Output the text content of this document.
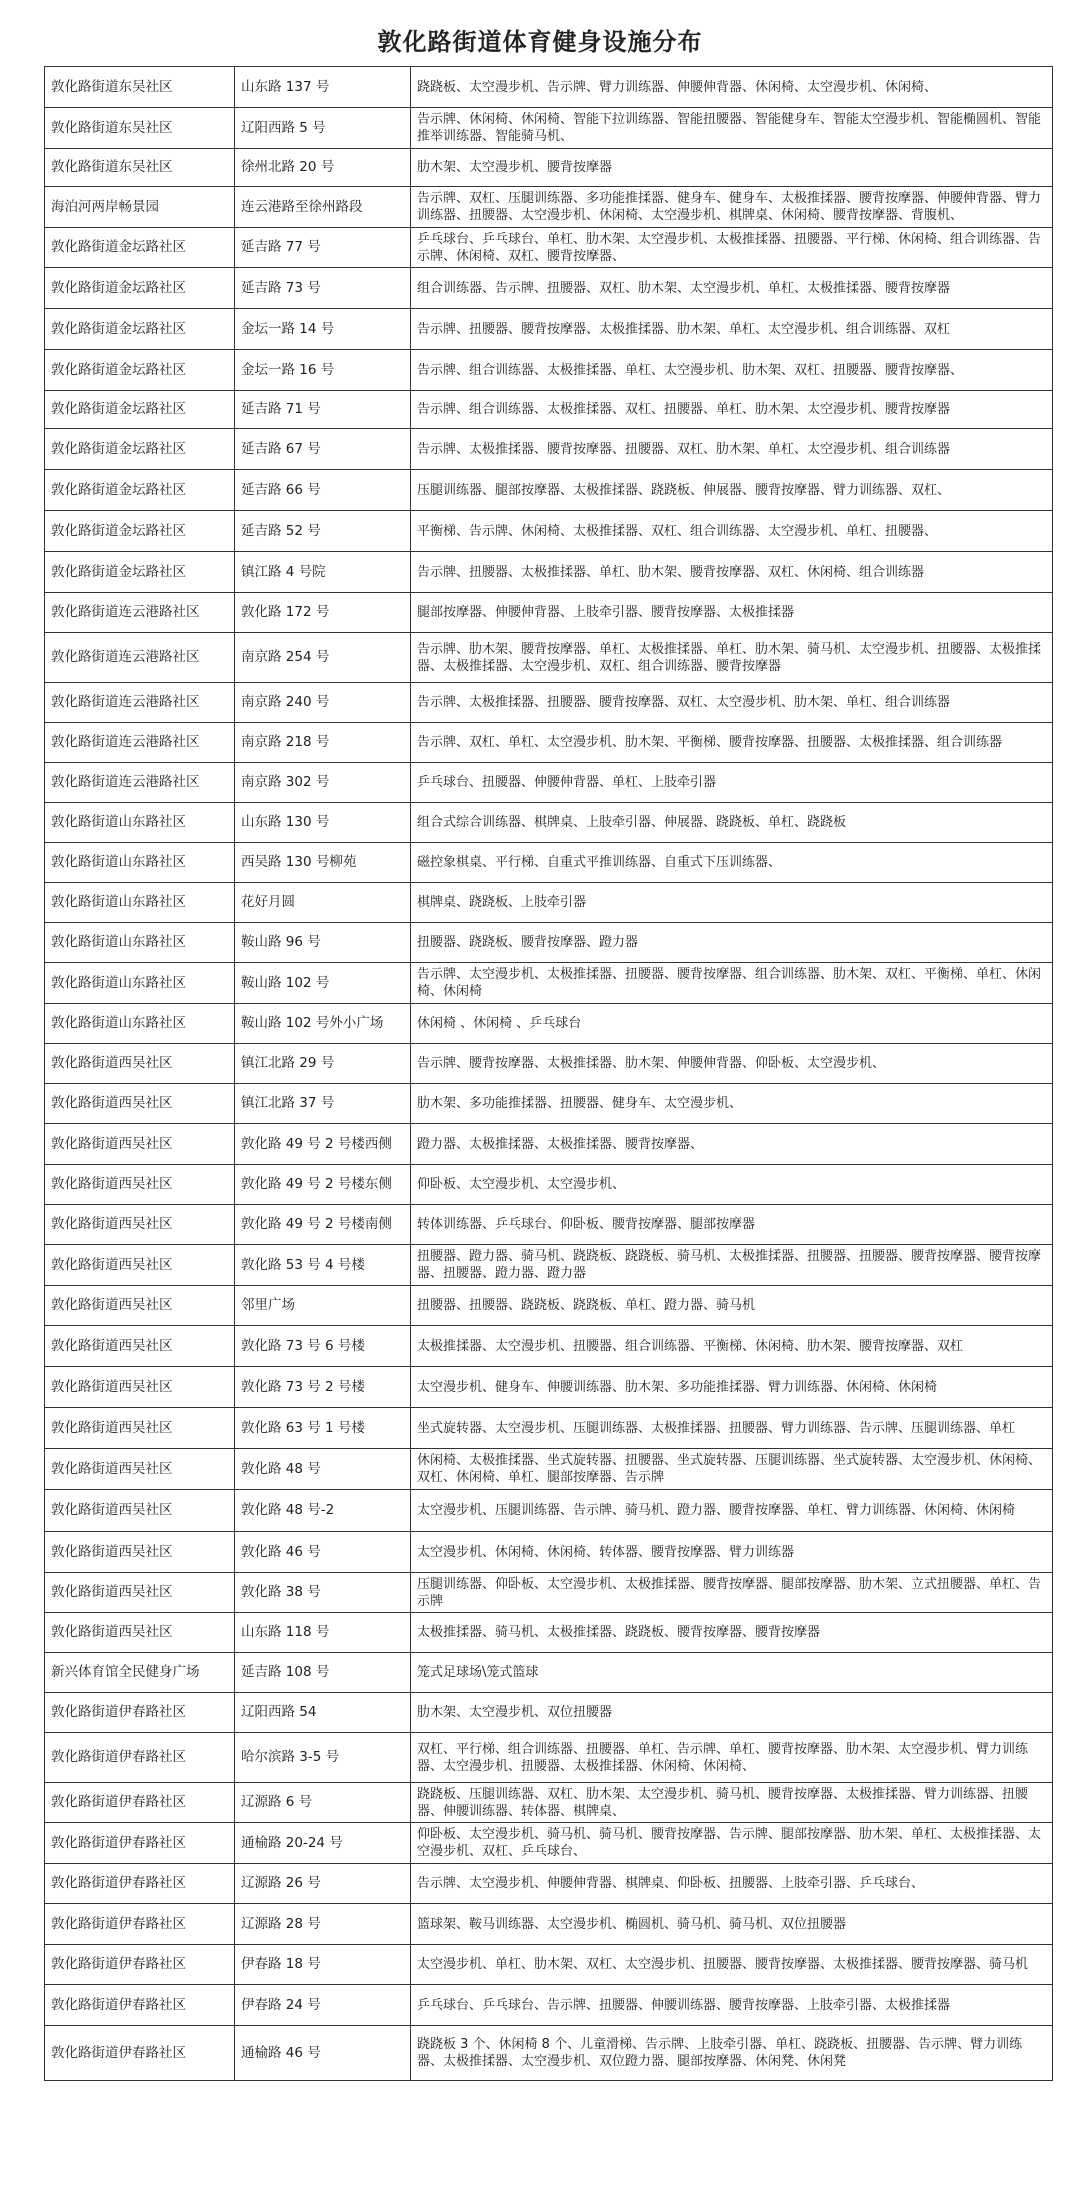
敦化路街道体育健身设施分布
敦化路街道东吴社区	山东路 137 号	跷跷板、太空漫步机、告示牌、臂力训练器、伸腰伸背器、休闲椅、太空漫步机、休闲椅、
敦化路街道东吴社区	辽阳西路 5 号	告示牌、休闲椅、休闲椅、智能下拉训练器、智能扭腰器、智能健身车、智能太空漫步机、智能椭圆机、智能推举训练器、智能骑马机、
敦化路街道东吴社区	徐州北路 20 号	肋木架、太空漫步机、腰背按摩器
海泊河两岸畅景园	连云港路至徐州路段	告示牌、双杠、压腿训练器、多功能推揉器、健身车、健身车、太极推揉器、腰背按摩器、伸腰伸背器、臂力训练器、扭腰器、太空漫步机、休闲椅、太空漫步机、棋牌桌、休闲椅、腰背按摩器、背腹机、
敦化路街道金坛路社区	延吉路 77 号	乒乓球台、乒乓球台、单杠、肋木架、太空漫步机、太极推揉器、扭腰器、平行梯、休闲椅、组合训练器、告示牌、休闲椅、双杠、腰背按摩器、
敦化路街道金坛路社区	延吉路 73 号	组合训练器、告示牌、扭腰器、双杠、肋木架、太空漫步机、单杠、太极推揉器、腰背按摩器
敦化路街道金坛路社区	金坛一路 14 号	告示牌、扭腰器、腰背按摩器、太极推揉器、肋木架、单杠、太空漫步机、组合训练器、双杠
敦化路街道金坛路社区	金坛一路 16 号	告示牌、组合训练器、太极推揉器、单杠、太空漫步机、肋木架、双杠、扭腰器、腰背按摩器、
敦化路街道金坛路社区	延吉路 71 号	告示牌、组合训练器、太极推揉器、双杠、扭腰器、单杠、肋木架、太空漫步机、腰背按摩器
敦化路街道金坛路社区	延吉路 67 号	告示牌、太极推揉器、腰背按摩器、扭腰器、双杠、肋木架、单杠、太空漫步机、组合训练器
敦化路街道金坛路社区	延吉路 66 号	压腿训练器、腿部按摩器、太极推揉器、跷跷板、伸展器、腰背按摩器、臂力训练器、双杠、
敦化路街道金坛路社区	延吉路 52 号	平衡梯、告示牌、休闲椅、太极推揉器、双杠、组合训练器、太空漫步机、单杠、扭腰器、
敦化路街道金坛路社区	镇江路 4 号院	告示牌、扭腰器、太极推揉器、单杠、肋木架、腰背按摩器、双杠、休闲椅、组合训练器
敦化路街道连云港路社区	敦化路 172 号	腿部按摩器、伸腰伸背器、上肢牵引器、腰背按摩器、太极推揉器
敦化路街道连云港路社区	南京路 254 号	告示牌、肋木架、腰背按摩器、单杠、太极推揉器、单杠、肋木架、骑马机、太空漫步机、扭腰器、太极推揉器、太极推揉器、太空漫步机、双杠、组合训练器、腰背按摩器
敦化路街道连云港路社区	南京路 240 号	告示牌、太极推揉器、扭腰器、腰背按摩器、双杠、太空漫步机、肋木架、单杠、组合训练器
敦化路街道连云港路社区	南京路 218 号	告示牌、双杠、单杠、太空漫步机、肋木架、平衡梯、腰背按摩器、扭腰器、太极推揉器、组合训练器
敦化路街道连云港路社区	南京路 302 号	乒乓球台、扭腰器、伸腰伸背器、单杠、上肢牵引器
敦化路街道山东路社区	山东路 130 号	组合式综合训练器、棋牌桌、上肢牵引器、伸展器、跷跷板、单杠、跷跷板
敦化路街道山东路社区	西吴路 130 号柳苑	磁控象棋桌、平行梯、自重式平推训练器、自重式下压训练器、
敦化路街道山东路社区	花好月圆	棋牌桌、跷跷板、上肢牵引器
敦化路街道山东路社区	鞍山路 96 号	扭腰器、跷跷板、腰背按摩器、蹬力器
敦化路街道山东路社区	鞍山路 102 号	告示牌、太空漫步机、太极推揉器、扭腰器、腰背按摩器、组合训练器、肋木架、双杠、平衡梯、单杠、休闲椅、休闲椅
敦化路街道山东路社区	鞍山路 102 号外小广场	休闲椅 、休闲椅 、乒乓球台
敦化路街道西吴社区	镇江北路 29 号	告示牌、腰背按摩器、太极推揉器、肋木架、伸腰伸背器、仰卧板、太空漫步机、
敦化路街道西吴社区	镇江北路 37 号	肋木架、多功能推揉器、扭腰器、健身车、太空漫步机、
敦化路街道西吴社区	敦化路 49 号 2 号楼西侧	蹬力器、太极推揉器、太极推揉器、腰背按摩器、
敦化路街道西吴社区	敦化路 49 号 2 号楼东侧	仰卧板、太空漫步机、太空漫步机、
敦化路街道西吴社区	敦化路 49 号 2 号楼南侧	转体训练器、乒乓球台、仰卧板、腰背按摩器、腿部按摩器
敦化路街道西吴社区	敦化路 53 号 4 号楼	扭腰器、蹬力器、骑马机、跷跷板、跷跷板、骑马机、太极推揉器、扭腰器、扭腰器、腰背按摩器、腰背按摩器、扭腰器、蹬力器、蹬力器
敦化路街道西吴社区	邻里广场	扭腰器、扭腰器、跷跷板、跷跷板、单杠、蹬力器、骑马机
敦化路街道西吴社区	敦化路 73 号 6 号楼	太极推揉器、太空漫步机、扭腰器、组合训练器、平衡梯、休闲椅、肋木架、腰背按摩器、双杠
敦化路街道西吴社区	敦化路 73 号 2 号楼	太空漫步机、健身车、伸腰训练器、肋木架、多功能推揉器、臂力训练器、休闲椅、休闲椅
敦化路街道西吴社区	敦化路 63 号 1 号楼	坐式旋转器、太空漫步机、压腿训练器、太极推揉器、扭腰器、臂力训练器、告示牌、压腿训练器、单杠
敦化路街道西吴社区	敦化路 48 号	休闲椅、太极推揉器、坐式旋转器、扭腰器、坐式旋转器、压腿训练器、坐式旋转器、太空漫步机、休闲椅、双杠、休闲椅、单杠、腿部按摩器、告示牌
敦化路街道西吴社区	敦化路 48 号-2	太空漫步机、压腿训练器、告示牌、骑马机、蹬力器、腰背按摩器、单杠、臂力训练器、休闲椅、休闲椅
敦化路街道西吴社区	敦化路 46 号	太空漫步机、休闲椅、休闲椅、转体器、腰背按摩器、臂力训练器
敦化路街道西吴社区	敦化路 38 号	压腿训练器、仰卧板、太空漫步机、太极推揉器、腰背按摩器、腿部按摩器、肋木架、立式扭腰器、单杠、告示牌
敦化路街道西吴社区	山东路 118 号	太极推揉器、骑马机、太极推揉器、跷跷板、腰背按摩器、腰背按摩器
新兴体育馆全民健身广场	延吉路 108 号	笼式足球场\笼式篮球
敦化路街道伊春路社区	辽阳西路 54	肋木架、太空漫步机、双位扭腰器
敦化路街道伊春路社区	哈尔滨路 3-5 号	双杠、平行梯、组合训练器、扭腰器、单杠、告示牌、单杠、腰背按摩器、肋木架、太空漫步机、臂力训练器、太空漫步机、扭腰器、太极推揉器、休闲椅、休闲椅、
敦化路街道伊春路社区	辽源路 6 号	跷跷板、压腿训练器、双杠、肋木架、太空漫步机、骑马机、腰背按摩器、太极推揉器、臂力训练器、扭腰器、伸腰训练器、转体器、棋牌桌、
敦化路街道伊春路社区	通榆路 20-24 号	仰卧板、太空漫步机、骑马机、骑马机、腰背按摩器、告示牌、腿部按摩器、肋木架、单杠、太极推揉器、太空漫步机、双杠、乒乓球台、
敦化路街道伊春路社区	辽源路 26 号	告示牌、太空漫步机、伸腰伸背器、棋牌桌、仰卧板、扭腰器、上肢牵引器、乒乓球台、
敦化路街道伊春路社区	辽源路 28 号	篮球架、鞍马训练器、太空漫步机、椭圆机、骑马机、骑马机、双位扭腰器
敦化路街道伊春路社区	伊春路 18 号	太空漫步机、单杠、肋木架、双杠、太空漫步机、扭腰器、腰背按摩器、太极推揉器、腰背按摩器、骑马机
敦化路街道伊春路社区	伊春路 24 号	乒乓球台、乒乓球台、告示牌、扭腰器、伸腰训练器、腰背按摩器、上肢牵引器、太极推揉器
敦化路街道伊春路社区	通榆路 46 号	跷跷板 3 个、休闲椅 8 个、儿童滑梯、告示牌、上肢牵引器、单杠、跷跷板、扭腰器、告示牌、臂力训练器、太极推揉器、太空漫步机、双位蹬力器、腿部按摩器、休闲凳、休闲凳
